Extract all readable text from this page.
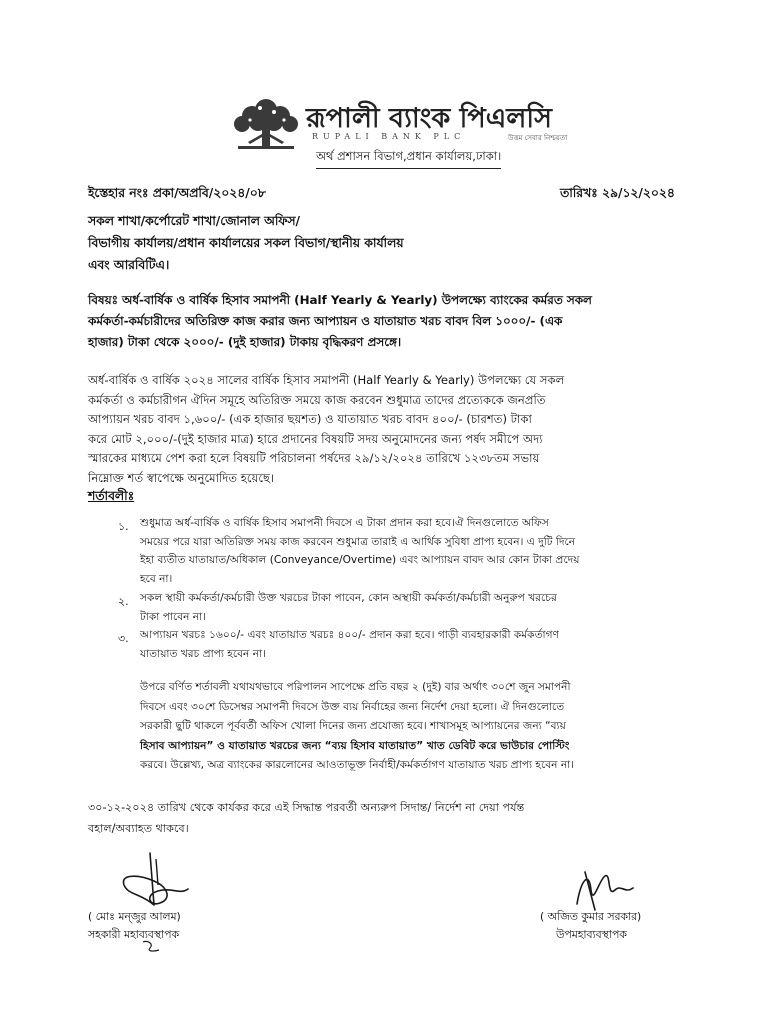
রূপালী ব্যাংক পিএলসি
RUPALI BANK PLC	উত্তম সেবার নিশ্চয়তা
অর্থ প্রশাসন বিভাগ,প্রধান কার্যালয়,ঢাকা।
ইস্তেহার নংঃ প্রকা/অপ্রবি/২০২৪/০৮	তারিখঃ ২৯/১২/২০২৪
সকল শাখা/কর্পোরেট শাখা/জোনাল অফিস/
বিভাগীয় কার্যালয়/প্রধান কার্যালয়ের সকল বিভাগ/স্থানীয় কার্যালয়
এবং আরবিটিএ।
বিষয়ঃ অর্ধ-বার্ষিক ও বার্ষিক হিসাব সমাপনী (Half Yearly & Yearly) উপলক্ষ্যে ব্যাংকের কর্মরত সকল
কর্মকর্তা-কর্মচারীদের অতিরিক্ত কাজ করার জন্য আপ্যায়ন ও যাতায়াত খরচ বাবদ বিল ১০০০/- (এক
হাজার) টাকা থেকে ২০০০/- (দুই হাজার) টাকায় বৃদ্ধিকরণ প্রসঙ্গে।
অর্ধ-বার্ষিক ও বার্ষিক ২০২৪ সালের বার্ষিক হিসাব সমাপনী (Half Yearly & Yearly) উপলক্ষ্যে যে সকল
কর্মকর্তা ও কর্মচারীগন ঐদিন সমূহে অতিরিক্ত সময়ে কাজ করবেন শুধুমাত্র তাদের প্রত্যেককে জনপ্রতি
আপ্যায়ন খরচ বাবদ ১,৬০০/- (এক হাজার ছয়শত) ও যাতায়াত খরচ বাবদ ৪০০/- (চারশত) টাকা
করে মোট ২,০০০/-(দুই হাজার মাত্র) হারে প্রদানের বিষয়টি সদয় অনুমোদনের জন্য পর্ষদ সমীপে অদ্য
স্মারকের মাধ্যমে পেশ করা হলে বিষয়টি পরিচালনা পর্ষদের ২৯/১২/২০২৪ তারিখে ১২৩৮তম সভায়
নিম্নোক্ত শর্ত স্বাপেক্ষে অনুমোদিত হয়েছে।
শর্তাবলীঃ
১. শুধুমাত্র অর্ধ-বার্ষিক ও বার্ষিক হিসাব সমাপনী দিবসে এ টাকা প্রদান করা হবে।ঐ দিনগুলোতে অফিস
সময়ের পরে যারা অতিরিক্ত সময় কাজ করবেন শুধুমাত্র তারাই এ আর্থিক সুবিধা প্রাপ্য হবেন। এ দুটি দিনে
ইহা ব্যতীত যাতায়াত/অধিকাল (Conveyance/Overtime) এবং আপ্যায়ন বাবদ আর কোন টাকা প্রদেয়
হবে না।
২. সকল স্থায়ী কর্মকর্তা/কর্মচারী উক্ত খরচের টাকা পাবেন, কোন অস্থায়ী কর্মকর্তা/কর্মচারী অনুরুপ খরচের
টাকা পাবেন না।
৩. আপ্যায়ন খরচঃ ১৬০০/- এবং যাতায়াত খরচঃ ৪০০/- প্রদান করা হবে। গাড়ী ব্যবহারকারী কর্মকর্তাগণ
যাতায়াত খরচ প্রাপ্য হবেন না।
উপরে বর্ণিত শর্তাবলী যথাযথভাবে পরিপালন সাপেক্ষে প্রতি বছর ২ (দুই) বার অর্থাৎ ৩০শে জুন সমাপনী
দিবসে এবং ৩০শে ডিসেম্বর সমাপনী দিবসে উক্ত ব্যয় নির্বাহের জন্য নির্দেশ দেয়া হলো। ঐ দিনগুলোতে
সরকারী ছুটি থাকলে পূর্ববর্তী অফিস খোলা দিনের জন্য প্রযোজ্য হবে। শাখাসমূহ আপ্যায়নের জন্য “ব্যয়
হিসাব আপ্যায়ন” ও যাতায়াত খরচের জন্য “ব্যয় হিসাব যাতায়াত” খাত ডেবিট করে ভাউচার পোস্টিং
করবে। উল্লেখ্য, অত্র ব্যাংকের কারলোনের আওতাভূক্ত নির্বাহী/কর্মকর্তাগণ যাতায়াত খরচ প্রাপ্য হবেন না।
৩০-১২-২০২৪ তারিখ থেকে কার্যকর করে এই সিদ্ধান্ত পরবর্তী অন্যরুপ সিদান্ত/ নির্দেশ না দেয়া পর্যন্ত
বহাল/অব্যাহত থাকবে।
( মোঃ মন্জুর আলম)
সহকারী মহাব্যবস্থাপক
( অজিত কুমার সরকার)
উপমহাব্যবস্থাপক
